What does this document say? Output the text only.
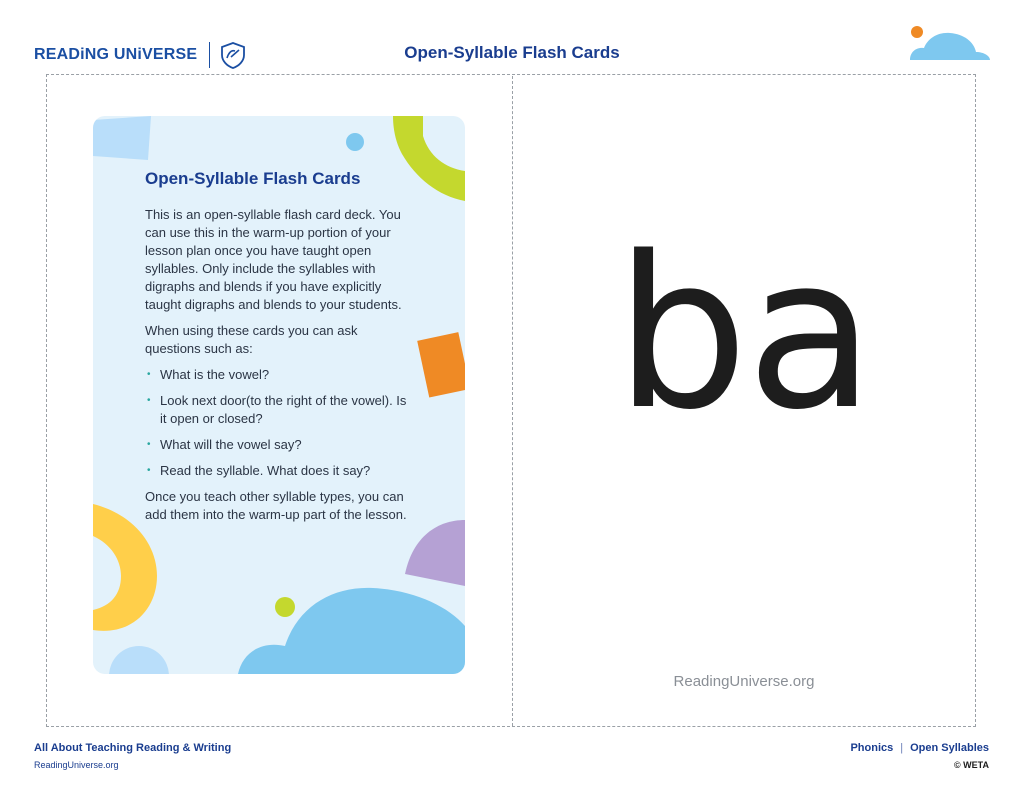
READiNG UNiVERSE	Open-Syllable Flash Cards
Open-Syllable Flash Cards

This is an open-syllable flash card deck. You can use this in the warm-up portion of your lesson plan once you have taught open syllables. Only include the syllables with digraphs and blends if you have explicitly taught digraphs and blends to your students.

When using these cards you can ask questions such as:

• What is the vowel?
• Look next door(to the right of the vowel). Is it open or closed?
• What will the vowel say?
• Read the syllable. What does it say?

Once you teach other syllable types, you can add them into the warm-up part of the lesson.

ba
ReadingUniverse.org
All About Teaching Reading & Writing
ReadingUniverse.org
Phonics | Open Syllables
© WETA
